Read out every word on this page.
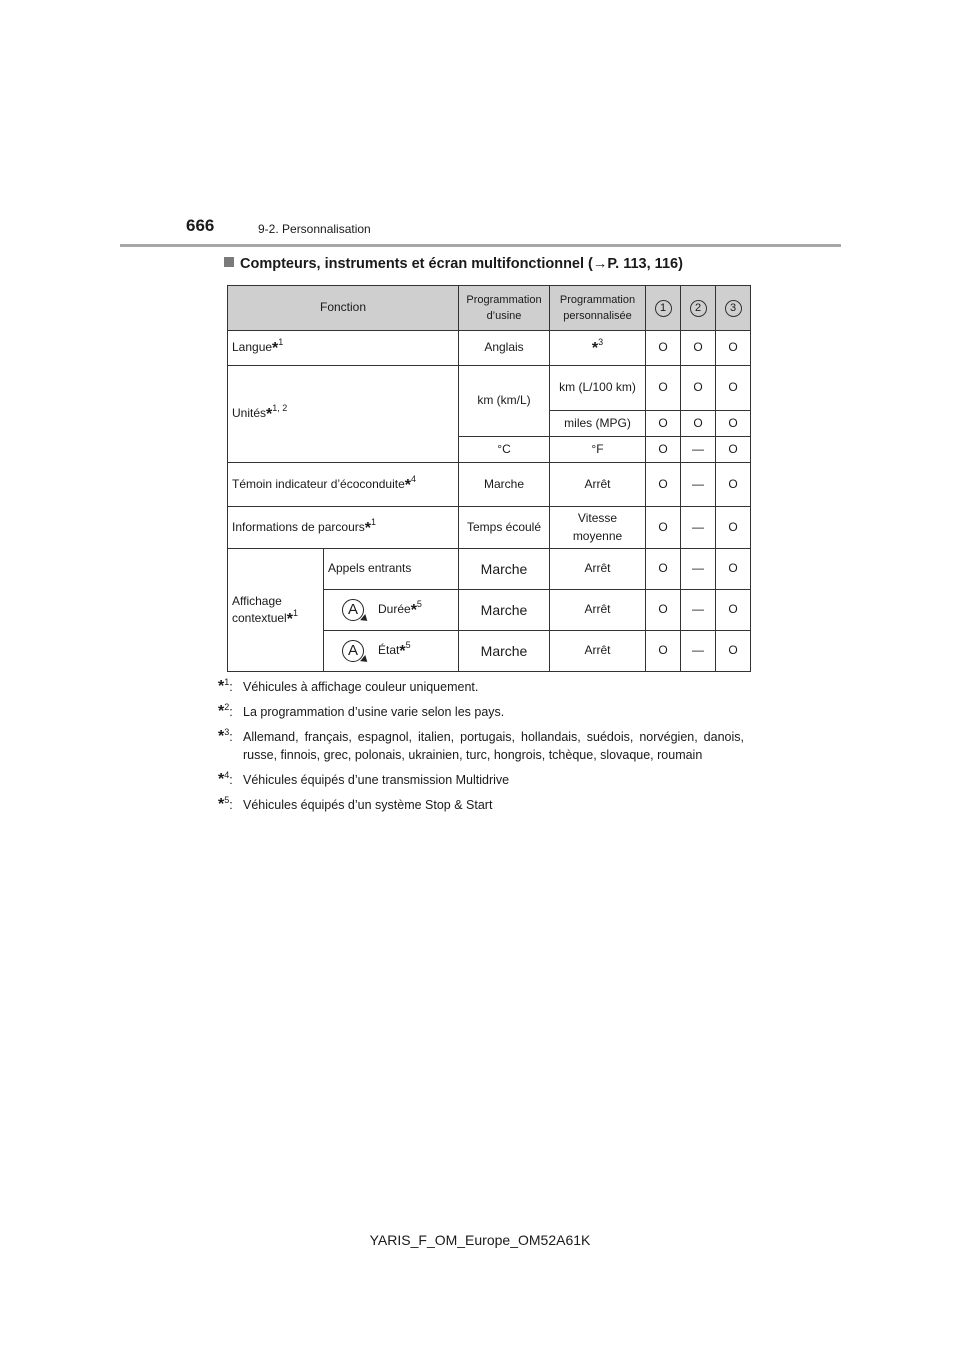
666	9-2. Personnalisation
Compteurs, instruments et écran multifonctionnel (→P. 113, 116)
Fonction		Programmation d’usine	Programmation personnalisée	1	2	3
Langue*$^1$		Anglais	*$^3$	O	O	O
Unités*$^{1, 2}$		km (km/L)	km (L/100 km)	O	O	O
			miles (MPG)	O	O	O
		°C	°F	O	—	O
Témoin indicateur d’écoconduite*$^4$		Marche	Arrêt	O	—	O
Informations de parcours*$^1$		Temps écoulé	Vitesse moyenne	O	—	O
Affichage contextuel*$^1$	Appels entrants	Marche	Arrêt	O	—	O
	A Durée*$^5$	Marche	Arrêt	O	—	O
	A État*$^5$	Marche	Arrêt	O	—	O
*$^1$: Véhicules à affichage couleur uniquement.
*$^2$: La programmation d’usine varie selon les pays.
*$^3$: Allemand, français, espagnol, italien, portugais, hollandais, suédois, norvégien, danois, russe, finnois, grec, polonais, ukrainien, turc, hongrois, tchèque, slovaque, roumain
*$^4$: Véhicules équipés d’une transmission Multidrive
*$^5$: Véhicules équipés d’un système Stop & Start
YARIS_F_OM_Europe_OM52A61K
